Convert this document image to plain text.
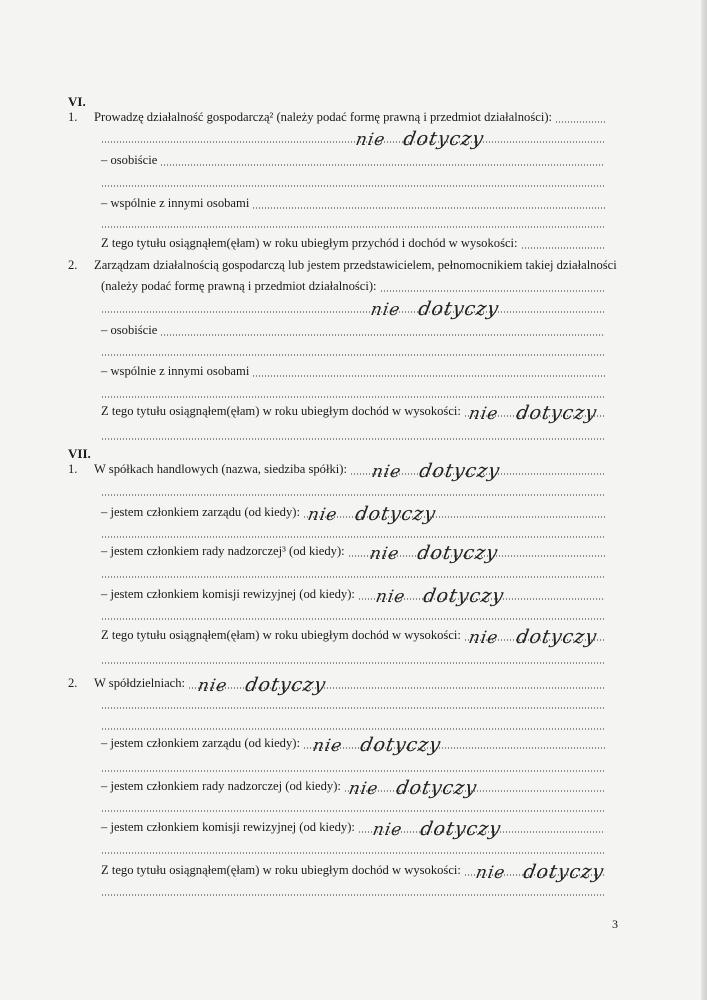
VI.
VII.
1. Prowadzę działalność gospodarczą² (należy podać formę prawną i przedmiot działalności):
nie dotyczy
– osobiście
– wspólnie z innymi osobami
Z tego tytułu osiągnąłem(ęłam) w roku ubiegłym przychód i dochód w wysokości:
2. Zarządzam działalnością gospodarczą lub jestem przedstawicielem, pełnomocnikiem takiej działalności
(należy podać formę prawną i przedmiot działalności):
nie dotyczy
– osobiście
– wspólnie z innymi osobami
Z tego tytułu osiągnąłem(ęłam) w roku ubiegłym dochód w wysokości: nie dotyczy
1. W spółkach handlowych (nazwa, siedziba spółki): nie dotyczy
– jestem członkiem zarządu (od kiedy): nie dotyczy
– jestem członkiem rady nadzorczej³ (od kiedy): nie dotyczy
– jestem członkiem komisji rewizyjnej (od kiedy): nie dotyczy
Z tego tytułu osiągnąłem(ęłam) w roku ubiegłym dochód w wysokości: nie dotyczy
2. W spółdzielniach: nie dotyczy
– jestem członkiem zarządu (od kiedy): nie dotyczy
– jestem członkiem rady nadzorczej (od kiedy): nie dotyczy
– jestem członkiem komisji rewizyjnej (od kiedy): nie dotyczy
Z tego tytułu osiągnąłem(ęłam) w roku ubiegłym dochód w wysokości: nie dotyczy
3
